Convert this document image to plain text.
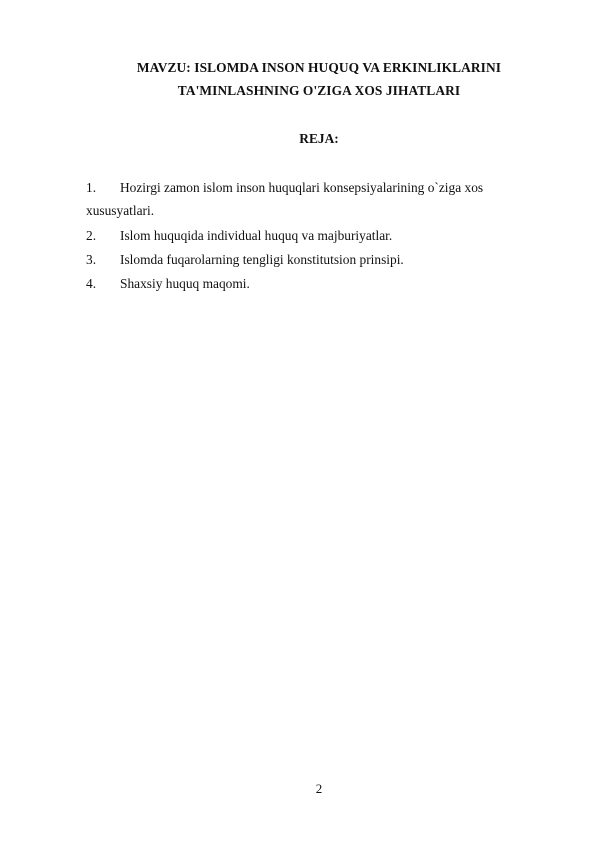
MAVZU: ISLOMDA INSON HUQUQ VA ERKINLIKLARINI
TA'MINLASHNING O'ZIGA XOS JIHATLARI
REJA:
1. Hozirgi zamon islom inson huquqlari konsepsiyalarining o`ziga xos
xususyatlari.
2. Islom huquqida individual huquq va majburiyatlar.
3. Islomda fuqarolarning tengligi konstitutsion prinsipi.
4. Shaxsiy huquq maqomi.
2
